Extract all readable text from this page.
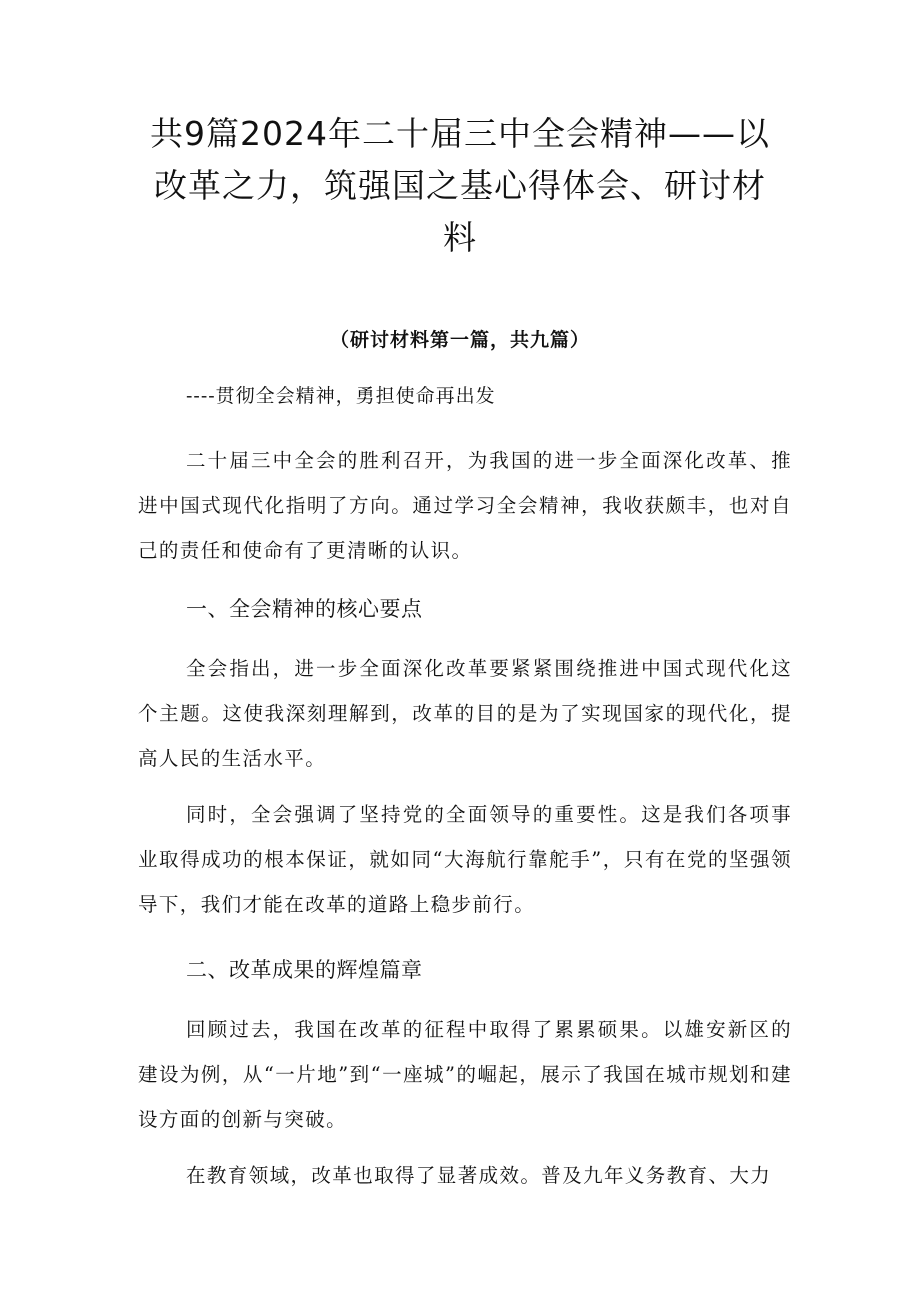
共9篇2024年二十届三中全会精神——以
改革之力，筑强国之基心得体会、研讨材
料

（研讨材料第一篇，共九篇）

----贯彻全会精神，勇担使命再出发

二十届三中全会的胜利召开，为我国的进一步全面深化改革、推进中国式现代化指明了方向。通过学习全会精神，我收获颇丰，也对自己的责任和使命有了更清晰的认识。

一、全会精神的核心要点

全会指出，进一步全面深化改革要紧紧围绕推进中国式现代化这个主题。这使我深刻理解到，改革的目的是为了实现国家的现代化，提高人民的生活水平。

同时，全会强调了坚持党的全面领导的重要性。这是我们各项事业取得成功的根本保证，就如同“大海航行靠舵手”，只有在党的坚强领导下，我们才能在改革的道路上稳步前行。

二、改革成果的辉煌篇章

回顾过去，我国在改革的征程中取得了累累硕果。以雄安新区的建设为例，从“一片地”到“一座城”的崛起，展示了我国在城市规划和建设方面的创新与突破。

在教育领域，改革也取得了显著成效。普及九年义务教育、大力
